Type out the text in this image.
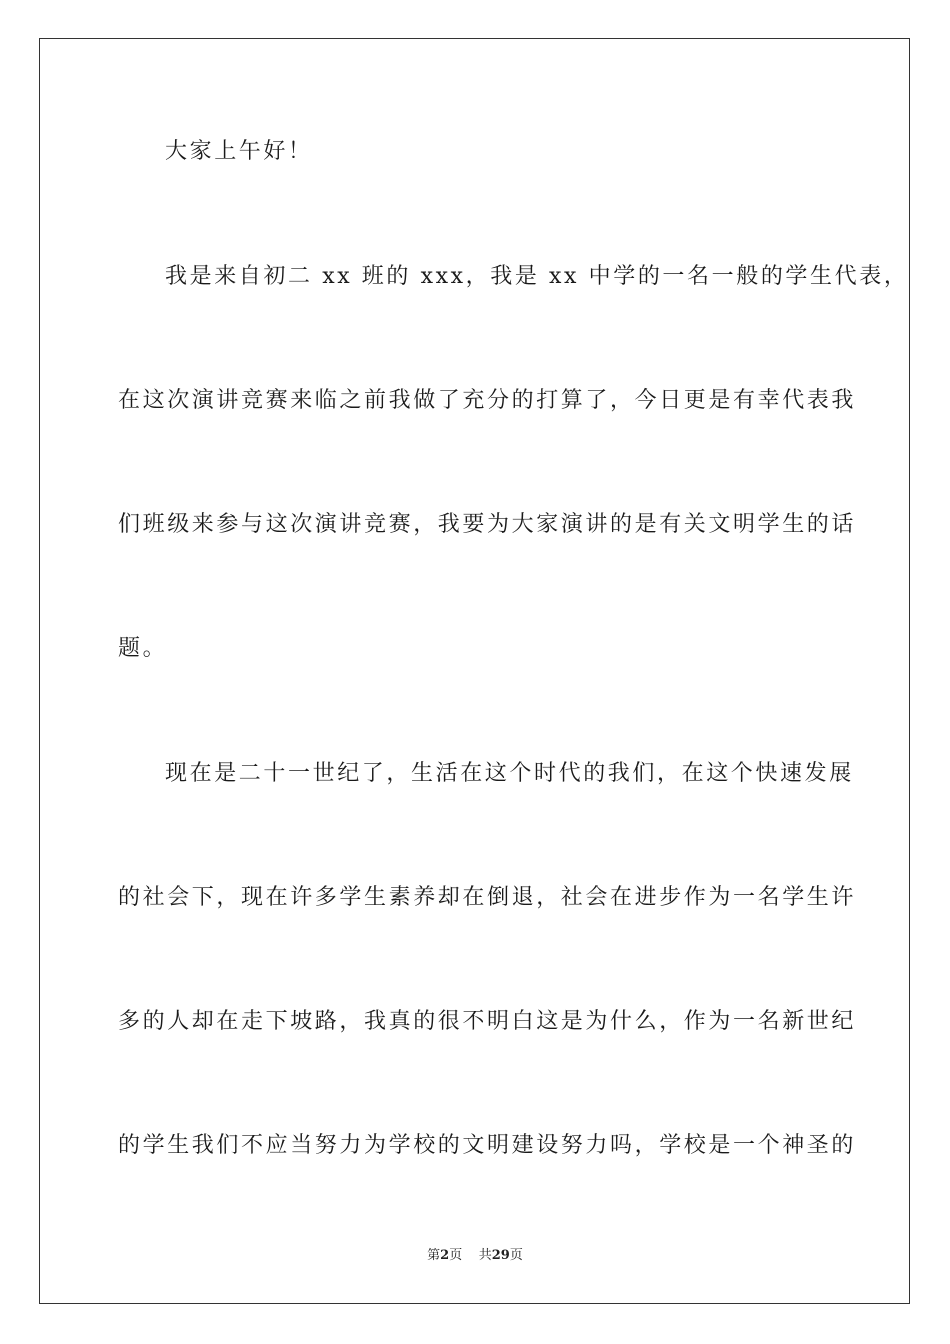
大家上午好！
我是来自初二 xx 班的 xxx，我是 xx 中学的一名一般的学生代表，
在这次演讲竞赛来临之前我做了充分的打算了，今日更是有幸代表我
们班级来参与这次演讲竞赛，我要为大家演讲的是有关文明学生的话
题。
现在是二十一世纪了，生活在这个时代的我们，在这个快速发展
的社会下，现在许多学生素养却在倒退，社会在进步作为一名学生许
多的人却在走下坡路，我真的很不明白这是为什么，作为一名新世纪
的学生我们不应当努力为学校的文明建设努力吗，学校是一个神圣的
第2页 共29页
